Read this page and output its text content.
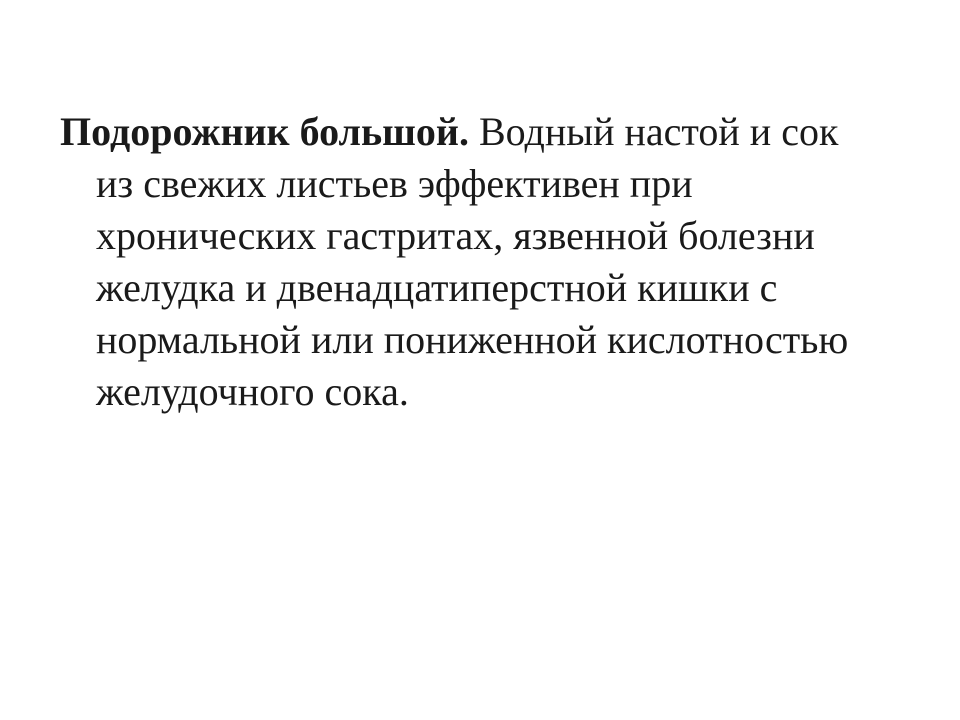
Подорожник большой. Водный настой и сок
из свежих листьев эффективен при
хронических гастритах, язвенной болезни
желудка и двенадцатиперстной кишки с
нормальной или пониженной кислотностью
желудочного сока.
